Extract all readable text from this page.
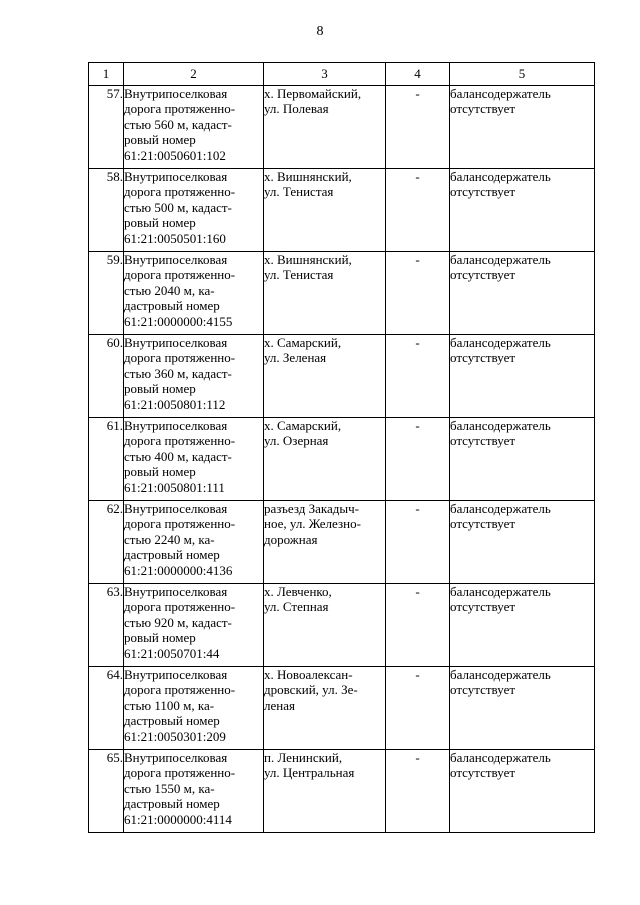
8
1	2	3	4	5
57.	Внутрипоселковая
дорога протяженно-
стью 560 м, кадаст-
ровый номер
61:21:0050601:102	х. Первомайский,
ул. Полевая	-	балансодержатель
отсутствует
58.	Внутрипоселковая
дорога протяженно-
стью 500 м, кадаст-
ровый номер
61:21:0050501:160	х. Вишнянский,
ул. Тенистая	-	балансодержатель
отсутствует
59.	Внутрипоселковая
дорога протяженно-
стью 2040 м, ка-
дастровый номер
61:21:0000000:4155	х. Вишнянский,
ул. Тенистая	-	балансодержатель
отсутствует
60.	Внутрипоселковая
дорога протяженно-
стью 360 м, кадаст-
ровый номер
61:21:0050801:112	х. Самарский,
ул. Зеленая	-	балансодержатель
отсутствует
61.	Внутрипоселковая
дорога протяженно-
стью 400 м, кадаст-
ровый номер
61:21:0050801:111	х. Самарский,
ул. Озерная	-	балансодержатель
отсутствует
62.	Внутрипоселковая
дорога протяженно-
стью 2240 м, ка-
дастровый номер
61:21:0000000:4136	разъезд Закадыч-
ное, ул. Железно-
дорожная	-	балансодержатель
отсутствует
63.	Внутрипоселковая
дорога протяженно-
стью 920 м, кадаст-
ровый номер
61:21:0050701:44	х. Левченко,
ул. Степная	-	балансодержатель
отсутствует
64.	Внутрипоселковая
дорога протяженно-
стью 1100 м, ка-
дастровый номер
61:21:0050301:209	х. Новоалексан-
дровский, ул. Зе-
леная	-	балансодержатель
отсутствует
65.	Внутрипоселковая
дорога протяженно-
стью 1550 м, ка-
дастровый номер
61:21:0000000:4114	п. Ленинский,
ул. Центральная	-	балансодержатель
отсутствует
